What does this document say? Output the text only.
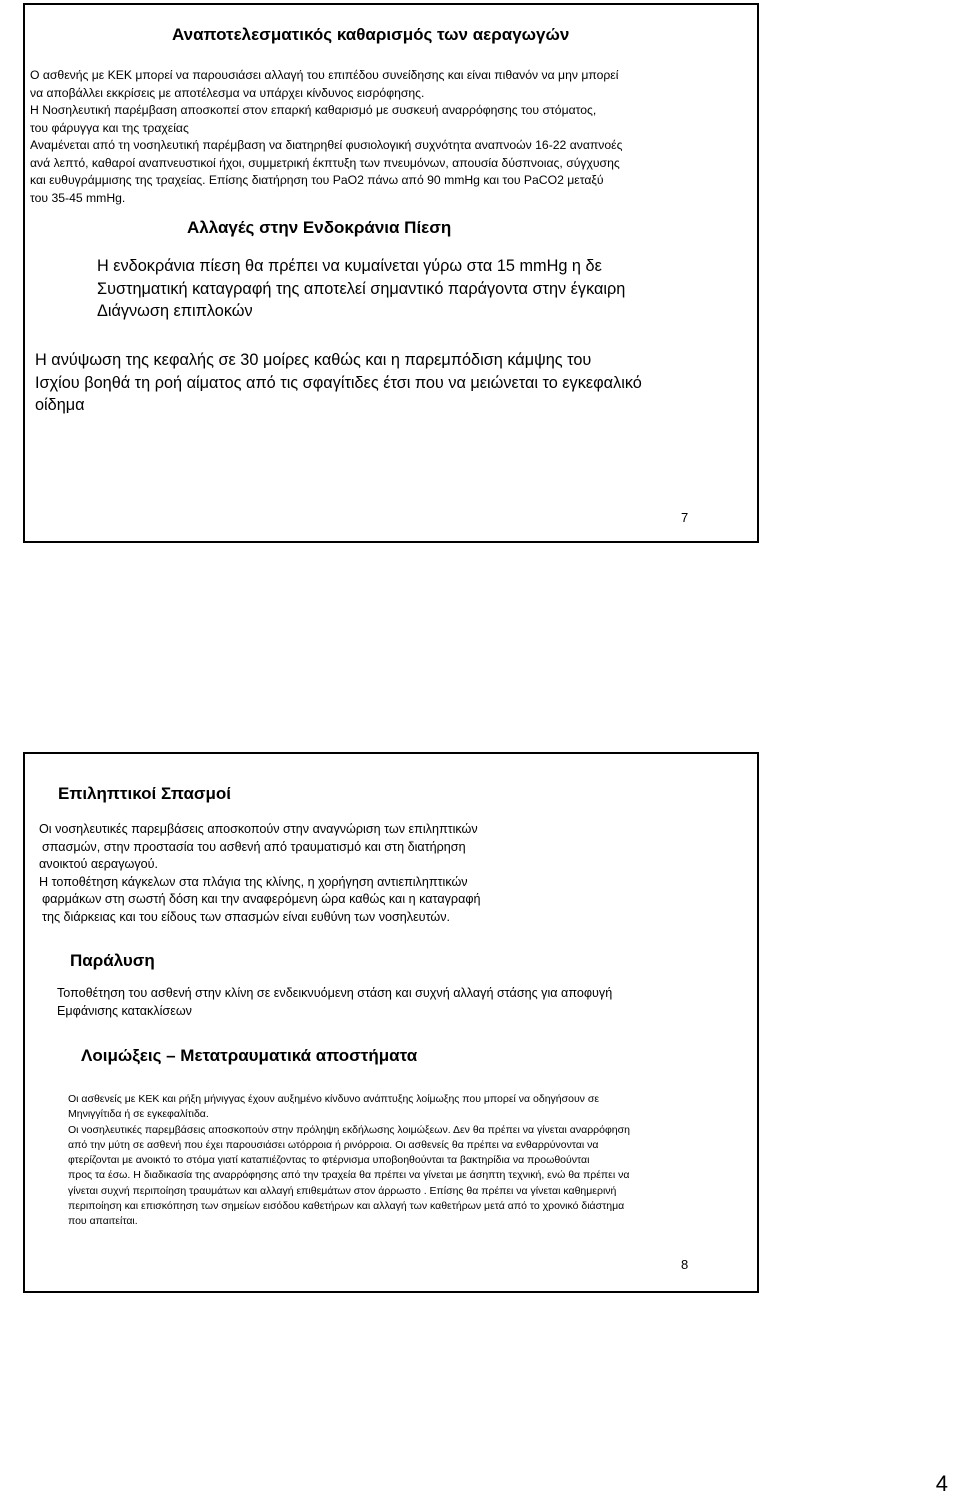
Αναποτελεσματικός καθαρισμός των αεραγωγών
Ο ασθενής με ΚΕΚ μπορεί να παρουσιάσει αλλαγή του επιπέδου συνείδησης και είναι πιθανόν να μην μπορεί
να αποβάλλει εκκρίσεις με αποτέλεσμα να υπάρχει κίνδυνος εισρόφησης.
Η Νοσηλευτική παρέμβαση αποσκοπεί στον επαρκή καθαρισμό με συσκευή αναρρόφησης του στόματος,
του φάρυγγα και της τραχείας
Αναμένεται από τη νοσηλευτική παρέμβαση να διατηρηθεί φυσιολογική συχνότητα αναπνοών 16-22 αναπνοές
ανά λεπτό, καθαροί αναπνευστικοί ήχοι, συμμετρική έκπτυξη των πνευμόνων, απουσία δύσπνοιας, σύγχυσης
και ευθυγράμμισης της τραχείας. Επίσης διατήρηση του PaO2 πάνω από 90 mmHg και του PaCO2 μεταξύ
του 35-45 mmHg.
Αλλαγές στην Ενδοκράνια Πίεση
Η ενδοκράνια πίεση θα πρέπει να κυμαίνεται γύρω στα 15 mmHg η δε
Συστηματική καταγραφή της αποτελεί σημαντικό παράγοντα στην έγκαιρη
Διάγνωση επιπλοκών
Η ανύψωση της κεφαλής σε 30 μοίρες καθώς και η παρεμπόδιση κάμψης του
Ισχίου βοηθά τη ροή αίματος από τις σφαγίτιδες έτσι που να μειώνεται το εγκεφαλικό
οίδημα
7
Επιληπτικοί Σπασμοί
Οι νοσηλευτικές παρεμβάσεις αποσκοπούν στην αναγνώριση των επιληπτικών
σπασμών, στην προστασία του ασθενή από τραυματισμό και στη διατήρηση
ανοικτού αεραγωγού.
Η τοποθέτηση κάγκελων στα πλάγια της κλίνης, η χορήγηση αντιεπιληπτικών
φαρμάκων στη σωστή δόση και την αναφερόμενη ώρα καθώς και η καταγραφή
της διάρκειας και του είδους των σπασμών είναι ευθύνη των νοσηλευτών.
Παράλυση
Τοποθέτηση του ασθενή στην κλίνη σε ενδεικνυόμενη στάση και συχνή αλλαγή στάσης για αποφυγή
Εμφάνισης κατακλίσεων
Λοιμώξεις – Μετατραυματικά αποστήματα
Οι ασθενείς με ΚΕΚ και ρήξη μήνιγγας έχουν αυξημένο κίνδυνο ανάπτυξης λοίμωξης που μπορεί να οδηγήσουν σε
Μηνιγγίτιδα ή σε εγκεφαλίτιδα.
Οι νοσηλευτικές παρεμβάσεις αποσκοπούν στην πρόληψη εκδήλωσης λοιμώξεων. Δεν θα πρέπει να γίνεται αναρρόφηση
από την μύτη σε ασθενή που έχει παρουσιάσει ωτόρροια ή ρινόρροια. Οι ασθενείς θα πρέπει να ενθαρρύνονται να
φτερίζονται με ανοικτό το στόμα γιατί καταπιέζοντας το φτέρνισμα υποβοηθούνται τα βακτηρίδια να προωθούνται
προς τα έσω. Η διαδικασία της αναρρόφησης από την τραχεία θα πρέπει να γίνεται με άσηπτη τεχνική, ενώ θα πρέπει να
γίνεται συχνή περιποίηση τραυμάτων και αλλαγή επιθεμάτων στον άρρωστο . Επίσης θα πρέπει να γίνεται καθημερινή
περιποίηση και επισκόπηση των σημείων εισόδου καθετήρων και αλλαγή των καθετήρων μετά από το χρονικό διάστημα
που απαιτείται.
8
4
